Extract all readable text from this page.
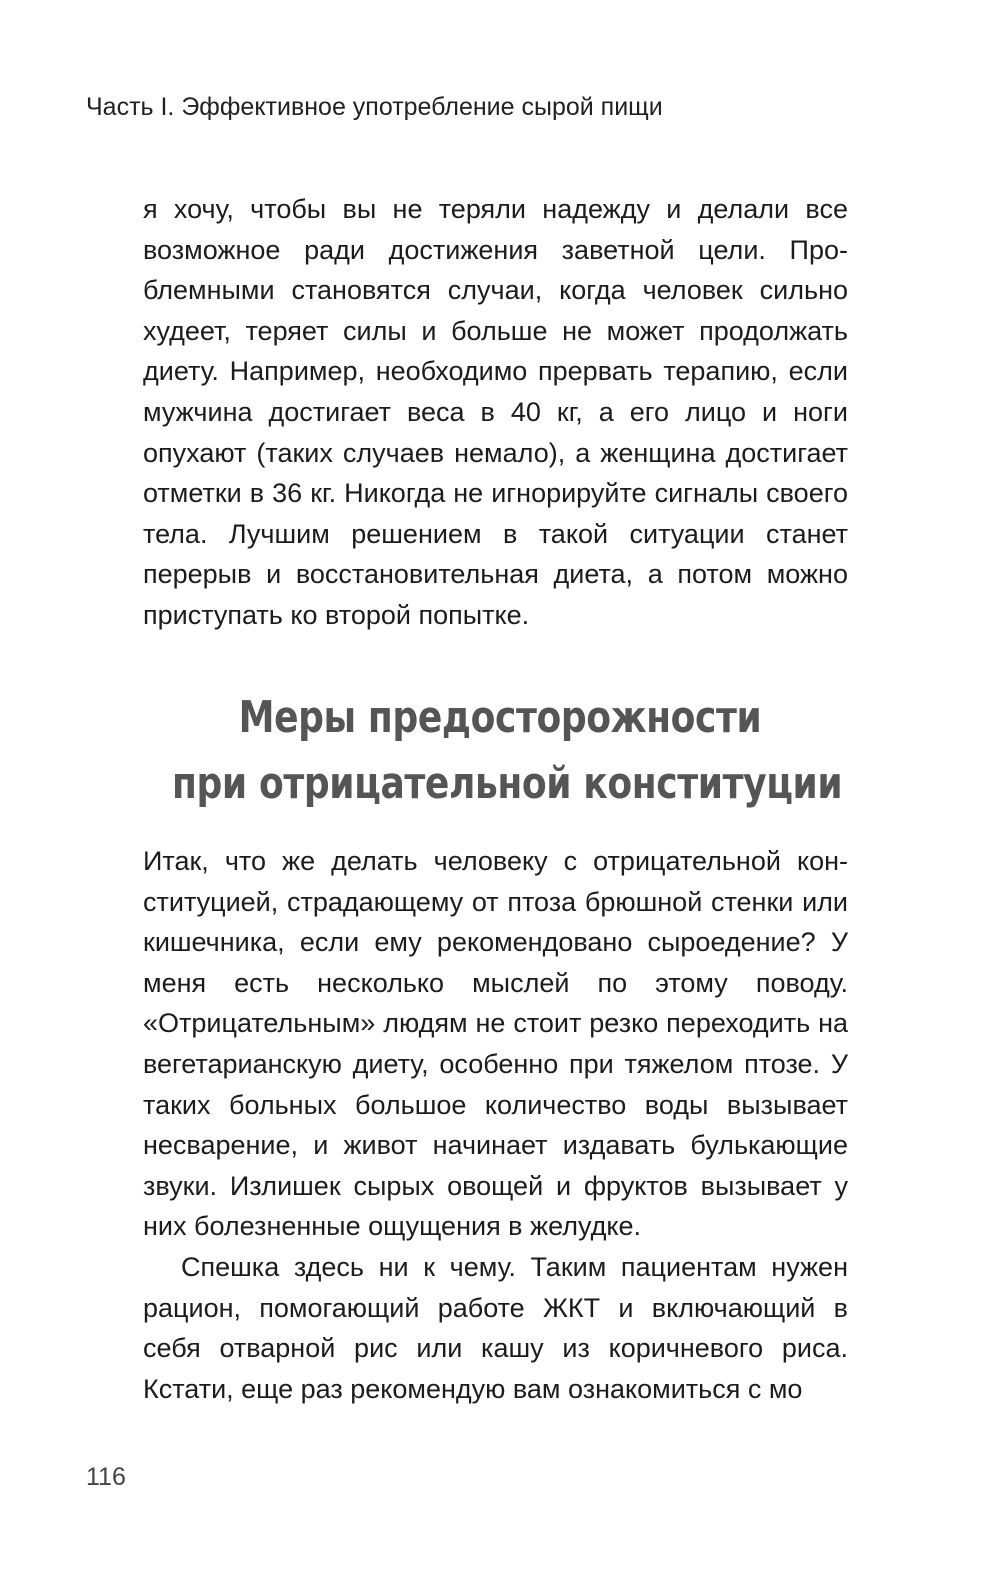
Часть I. Эффективное употребление сырой пищи

я хочу, чтобы вы не теряли надежду и делали все возможное ради достижения заветной цели. Проблемными становятся случаи, когда человек сильно худеет, теряет силы и больше не может продолжать диету. Например, необходимо прервать терапию, если мужчина достигает веса в 40 кг, а его лицо и ноги опухают (таких случаев немало), а женщина достигает отметки в 36 кг. Никогда не игнорируйте сигналы своего тела. Лучшим решением в такой ситуации станет перерыв и восстановительная диета, а потом можно приступать ко второй попытке.

Меры предосторожности
при отрицательной конституции

Итак, что же делать человеку с отрицательной конституцией, страдающему от птоза брюшной стенки или кишечника, если ему рекомендовано сыроедение? У меня есть несколько мыслей по этому поводу. «Отрицательным» людям не стоит резко переходить на вегетарианскую диету, особенно при тяжелом птозе. У таких больных большое количество воды вызывает несварение, и живот начинает издавать булькающие звуки. Излишек сырых овощей и фруктов вызывает у них болезненные ощущения в желудке.

Спешка здесь ни к чему. Таким пациентам нужен рацион, помогающий работе ЖКТ и включающий в себя отварной рис или кашу из коричневого риса. Кстати, еще раз рекомендую вам ознакомиться с мо

116
